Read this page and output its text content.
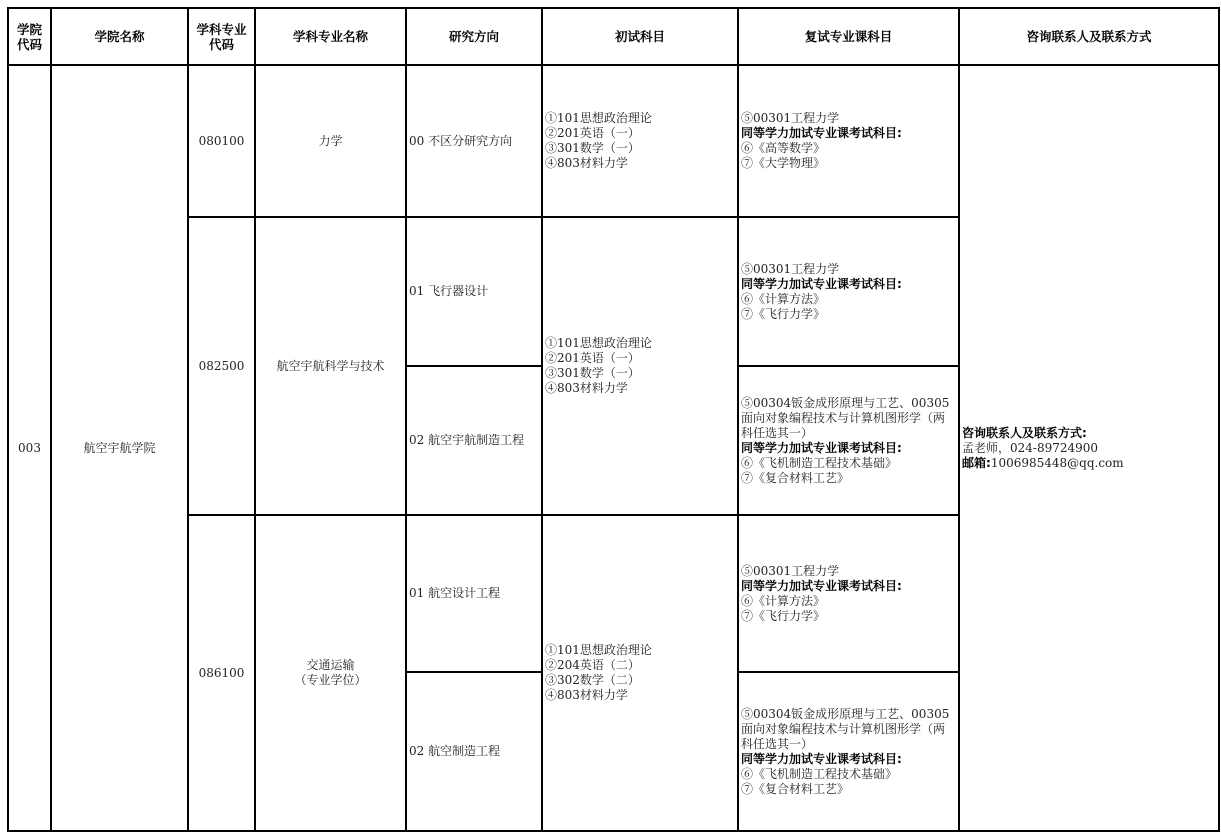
学院代码	学院名称	学科专业代码	学科专业名称	研究方向	初试科目	复试专业课科目	咨询联系人及联系方式
003	航空宇航学院	080100	力学	00 不区分研究方向	①101思想政治理论
②201英语（一）
③301数学（一）
④803材料力学	⑤00301工程力学
同等学力加试专业课考试科目:
⑥《高等数学》
⑦《大学物理》	咨询联系人及联系方式:
孟老师，024-89724900
邮箱:1006985448@qq.com

		082500	航空宇航科学与技术	01 飞行器设计	①101思想政治理论
②201英语（一）
③301数学（一）
④803材料力学	⑤00301工程力学
同等学力加试专业课考试科目:
⑥《计算方法》
⑦《飞行力学》	

				02 航空宇航制造工程		⑤00304钣金成形原理与工艺、00305面向对象编程技术与计算机图形学（两科任选其一）
同等学力加试专业课考试科目:
⑥《飞机制造工程技术基础》
⑦《复合材料工艺》	

		086100	交通运输
（专业学位）	01 航空设计工程	①101思想政治理论
②204英语（二）
③302数学（二）
④803材料力学	⑤00301工程力学
同等学力加试专业课考试科目:
⑥《计算方法》
⑦《飞行力学》	

				02 航空制造工程		⑤00304钣金成形原理与工艺、00305面向对象编程技术与计算机图形学（两科任选其一）
同等学力加试专业课考试科目:
⑥《飞机制造工程技术基础》
⑦《复合材料工艺》	
